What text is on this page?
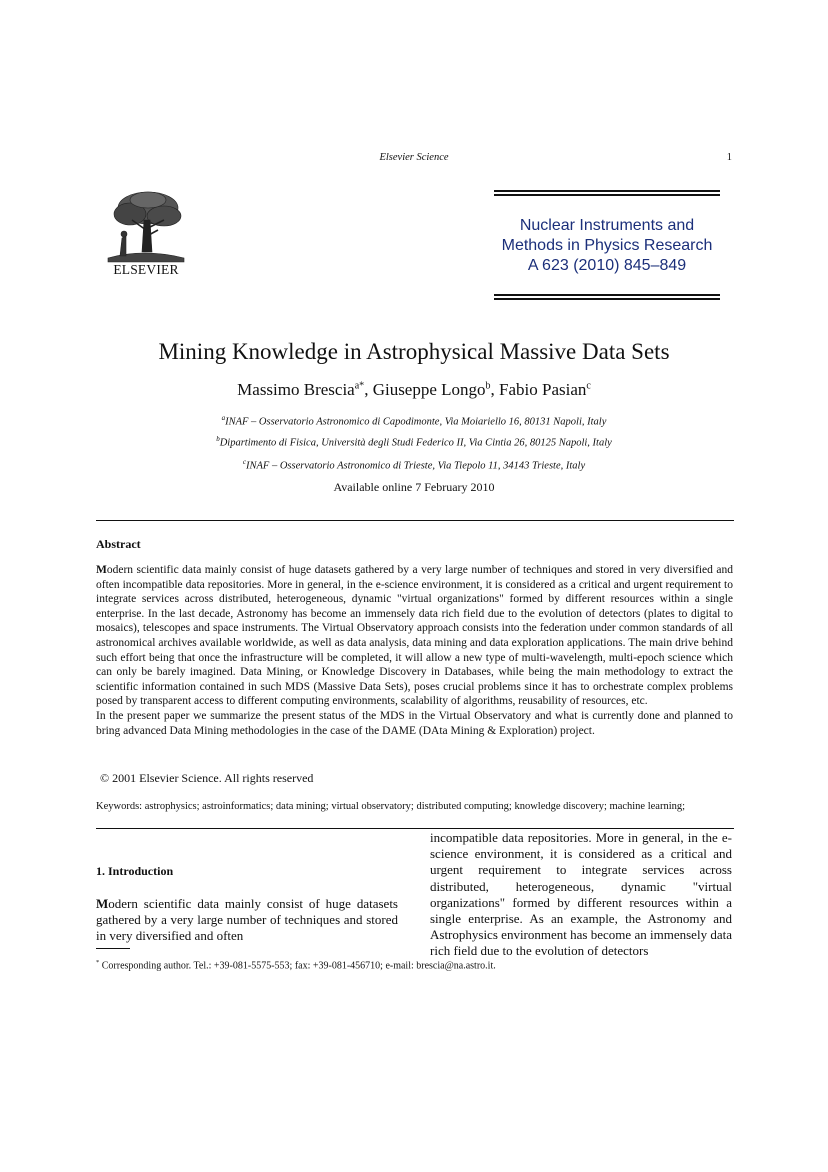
Elsevier Science	1
ELSEVIER
Nuclear Instruments and
Methods in Physics Research
A 623 (2010) 845–849
Mining Knowledge in Astrophysical Massive Data Sets
Massimo Brescia$^{a*}$, Giuseppe Longo$^b$, Fabio Pasian$^c$
$^a$INAF – Osservatorio Astronomico di Capodimonte, Via Moiariello 16, 80131 Napoli, Italy
$^b$Dipartimento di Fisica, Università degli Studi Federico II, Via Cintia 26, 80125 Napoli, Italy
$^c$INAF – Osservatorio Astronomico di Trieste, Via Tiepolo 11, 34143 Trieste, Italy
Available online 7 February 2010
Abstract

Modern scientific data mainly consist of huge datasets gathered by a very large number of techniques and stored in very diversified and often incompatible data repositories. More in general, in the e-science environment, it is considered as a critical and urgent requirement to integrate services across distributed, heterogeneous, dynamic "virtual organizations" formed by different resources within a single enterprise. In the last decade, Astronomy has become an immensely data rich field due to the evolution of detectors (plates to digital to mosaics), telescopes and space instruments. The Virtual Observatory approach consists into the federation under common standards of all astronomical archives available worldwide, as well as data analysis, data mining and data exploration applications. The main drive behind such effort being that once the infrastructure will be completed, it will allow a new type of multi-wavelength, multi-epoch science which can only be barely imagined. Data Mining, or Knowledge Discovery in Databases, while being the main methodology to extract the scientific information contained in such MDS (Massive Data Sets), poses crucial problems since it has to orchestrate complex problems posed by transparent access to different computing environments, scalability of algorithms, reusability of resources, etc.

In the present paper we summarize the present status of the MDS in the Virtual Observatory and what is currently done and planned to bring advanced Data Mining methodologies in the case of the DAME (DAta Mining & Exploration) project.

© 2001 Elsevier Science. All rights reserved
Keywords: astrophysics; astroinformatics; data mining; virtual observatory; distributed computing; knowledge discovery; machine learning;
1. Introduction

Modern scientific data mainly consist of huge datasets gathered by a very large number of techniques and stored in very diversified and often

incompatible data repositories. More in general, in the e-science environment, it is considered as a critical and urgent requirement to integrate services across distributed, heterogeneous, dynamic "virtual organizations" formed by different resources within a single enterprise. As an example, the Astronomy and Astrophysics environment has become an immensely data rich field due to the evolution of detectors

* Corresponding author. Tel.: +39-081-5575-553; fax: +39-081-456710; e-mail: brescia@na.astro.it.
